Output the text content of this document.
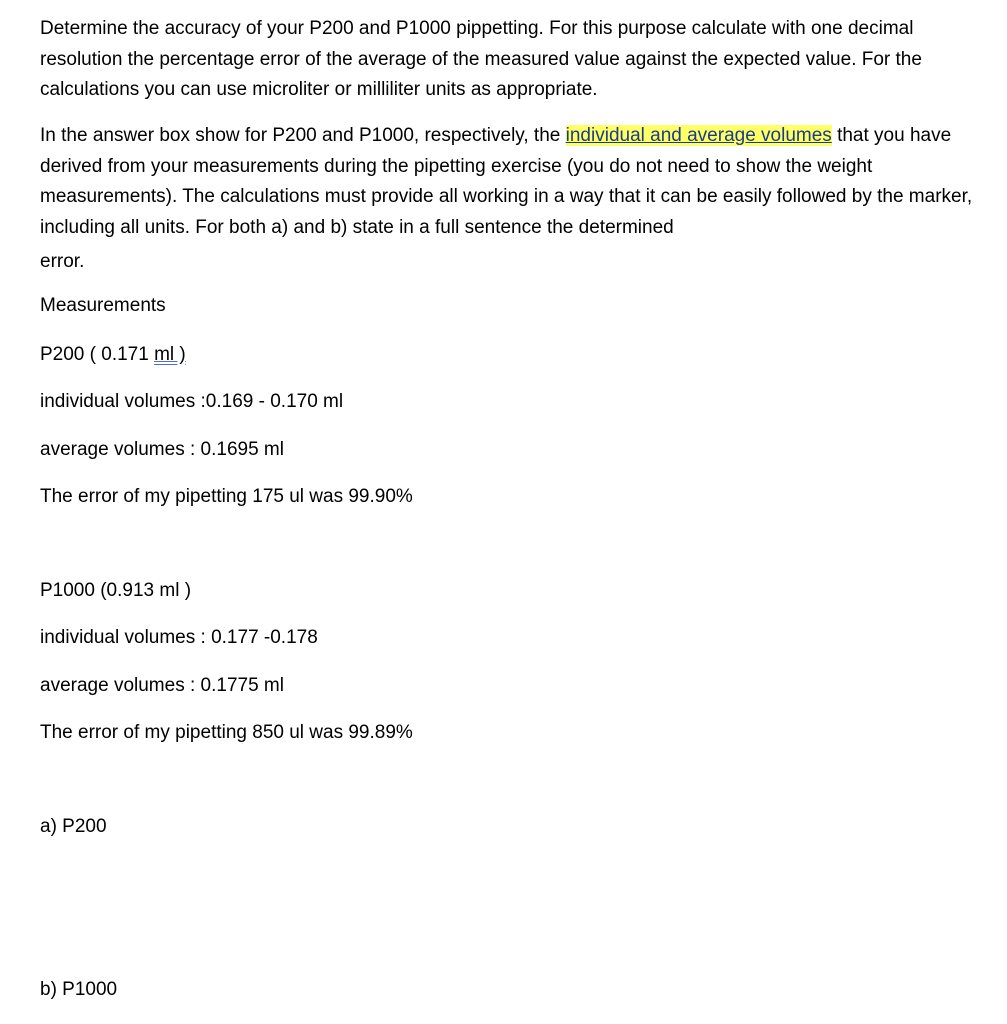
Determine the accuracy of your P200 and P1000 pippetting. For this purpose calculate with one decimal resolution the percentage error of the average of the measured value against the expected value. For the calculations you can use microliter or milliliter units as appropriate.

In the answer box show for P200 and P1000, respectively, the individual and average volumes that you have derived from your measurements during the pipetting exercise (you do not need to show the weight measurements). The calculations must provide all working in a way that it can be easily followed by the marker, including all units. For both a) and b) state in a full sentence the determined
error.

Measurements
P200 ( 0.171 ml )
individual volumes :0.169 - 0.170 ml
average volumes : 0.1695 ml
The error of my pipetting 175 ul was 99.90%
P1000 (0.913 ml )
individual volumes : 0.177 -0.178
average volumes : 0.1775 ml
The error of my pipetting 850 ul was 99.89%
a) P200
b) P1000
